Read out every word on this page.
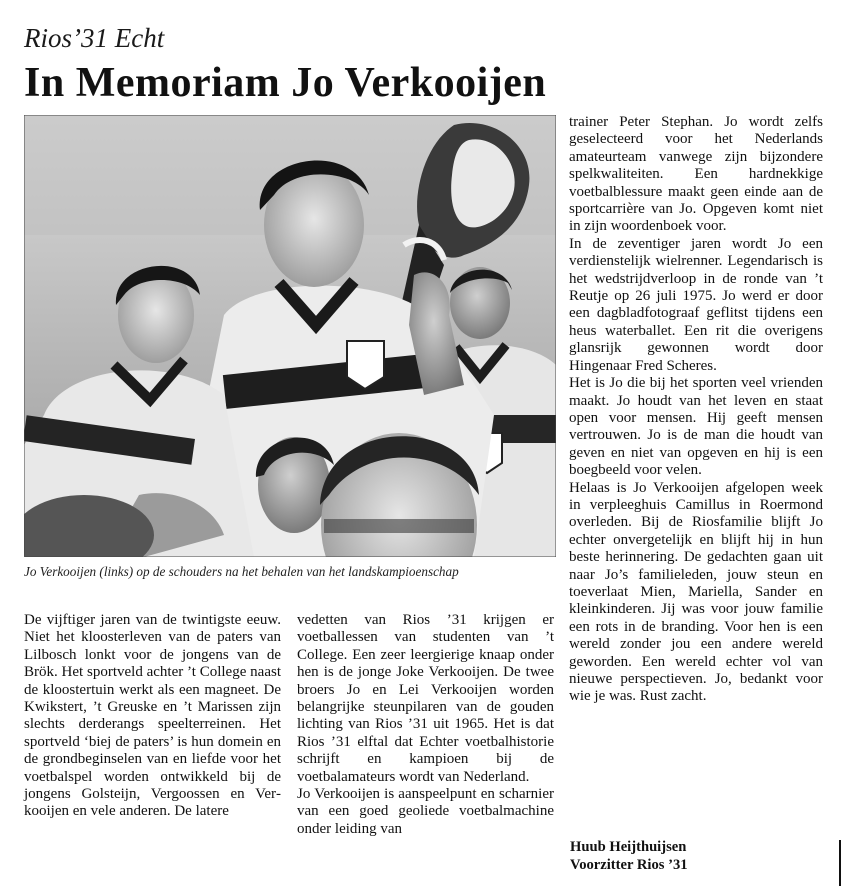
Rios’31 Echt
In Memoriam Jo Verkooijen
Jo Verkooijen (links) op de schouders na het behalen van het landskampioenschap

De vijftiger jaren van de twintigste eeuw. Niet het kloosterleven van de paters van Lilbosch lonkt voor de jongens van de Brök. Het sportveld achter ’t College naast de kloostertuin werkt als een magneet. De Kwikstert, ’t Greuske en ’t Marissen zijn slechts derderangs speelterreinen. Het sportveld ‘biej de paters’ is hun domein en de grondbeginselen van en liefde voor het voetbalspel worden ontwikkeld bij de jongens Golsteijn, Vergoossen en Verkooijen en vele anderen. De latere

vedetten van Rios ’31 krijgen er voetballessen van studenten van ’t College. Een zeer leergierige knaap onder hen is de jonge Joke Verkooijen. De twee broers Jo en Lei Verkooijen worden belangrijke steunpilaren van de gouden lichting van Rios ’31 uit 1965. Het is dat Rios ’31 elftal dat Echter voetbalhistorie schrijft en kampioen bij de voetbalamateurs wordt van Nederland.

Jo Verkooijen is aanspeelpunt en scharnier van een goed geoliede voetbalmachine onder leiding van

trainer Peter Stephan. Jo wordt zelfs geselecteerd voor het Nederlands amateurteam vanwege zijn bijzondere spelkwaliteiten. Een hardnekkige voetbalblessure maakt geen einde aan de sportcarrière van Jo. Opgeven komt niet in zijn woordenboek voor.

In de zeventiger jaren wordt Jo een verdienstelijk wielrenner. Legendarisch is het wedstrijdverloop in de ronde van ’t Reutje op 26 juli 1975. Jo werd er door een dagbladfotograaf geflitst tijdens een heus waterballet. Een rit die overigens glansrijk gewonnen wordt door Hingenaar Fred Scheres.

Het is Jo die bij het sporten veel vrienden maakt. Jo houdt van het leven en staat open voor mensen. Hij geeft mensen vertrouwen. Jo is de man die houdt van geven en niet van opgeven en hij is een boegbeeld voor velen.

Helaas is Jo Verkooijen afgelopen week in verpleeghuis Camillus in Roermond overleden. Bij de Riosfamilie blijft Jo echter onvergetelijk en blijft hij in hun beste herinnering. De gedachten gaan uit naar Jo’s familieleden, jouw steun en toeverlaat Mien, Mariella, Sander en kleinkinderen. Jij was voor jouw familie een rots in de branding. Voor hen is een wereld zonder jou een andere wereld geworden. Een wereld echter vol van nieuwe perspectieven. Jo, bedankt voor wie je was. Rust zacht.

Huub Heijthuijsen
Voorzitter Rios ’31
